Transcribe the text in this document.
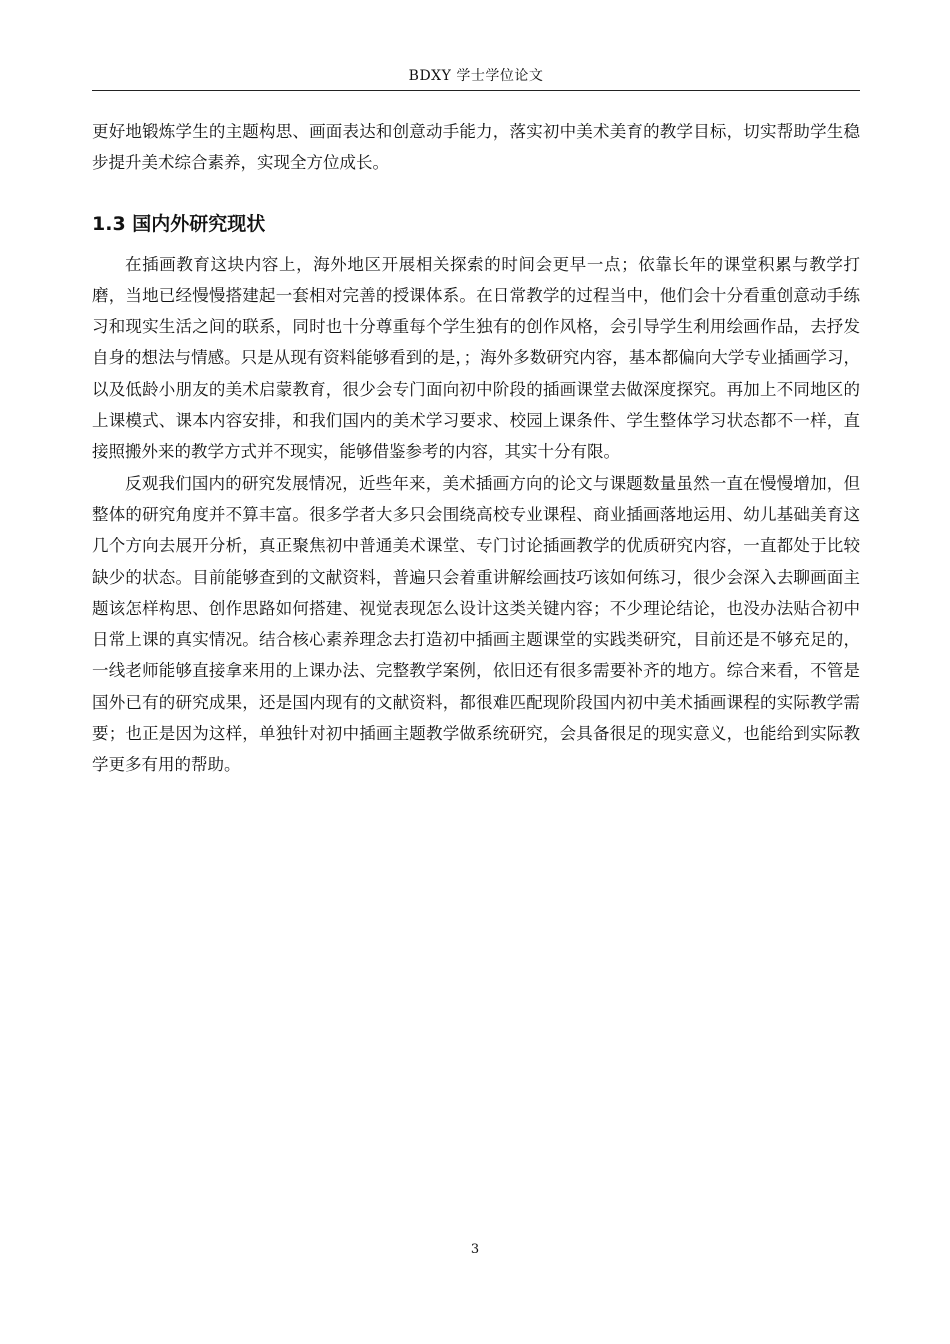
BDXY 学士学位论文

更好地锻炼学生的主题构思、画面表达和创意动手能力，落实初中美术美育的教学目标，切实帮助学生稳步提升美术综合素养，实现全方位成长。

1.3 国内外研究现状

在插画教育这块内容上，海外地区开展相关探索的时间会更早一点；依靠长年的课堂积累与教学打磨，当地已经慢慢搭建起一套相对完善的授课体系。在日常教学的过程当中，他们会十分看重创意动手练习和现实生活之间的联系，同时也十分尊重每个学生独有的创作风格，会引导学生利用绘画作品，去抒发自身的想法与情感。只是从现有资料能够看到的是，；海外多数研究内容，基本都偏向大学专业插画学习，以及低龄小朋友的美术启蒙教育，很少会专门面向初中阶段的插画课堂去做深度探究。再加上不同地区的上课模式、课本内容安排，和我们国内的美术学习要求、校园上课条件、学生整体学习状态都不一样，直接照搬外来的教学方式并不现实，能够借鉴参考的内容，其实十分有限。

反观我们国内的研究发展情况，近些年来，美术插画方向的论文与课题数量虽然一直在慢慢增加，但整体的研究角度并不算丰富。很多学者大多只会围绕高校专业课程、商业插画落地运用、幼儿基础美育这几个方向去展开分析，真正聚焦初中普通美术课堂、专门讨论插画教学的优质研究内容，一直都处于比较缺少的状态。目前能够查到的文献资料，普遍只会着重讲解绘画技巧该如何练习，很少会深入去聊画面主题该怎样构思、创作思路如何搭建、视觉表现怎么设计这类关键内容；不少理论结论，也没办法贴合初中日常上课的真实情况。结合核心素养理念去打造初中插画主题课堂的实践类研究，目前还是不够充足的，一线老师能够直接拿来用的上课办法、完整教学案例，依旧还有很多需要补齐的地方。综合来看，不管是国外已有的研究成果，还是国内现有的文献资料，都很难匹配现阶段国内初中美术插画课程的实际教学需要；也正是因为这样，单独针对初中插画主题教学做系统研究，会具备很足的现实意义，也能给到实际教学更多有用的帮助。

3
